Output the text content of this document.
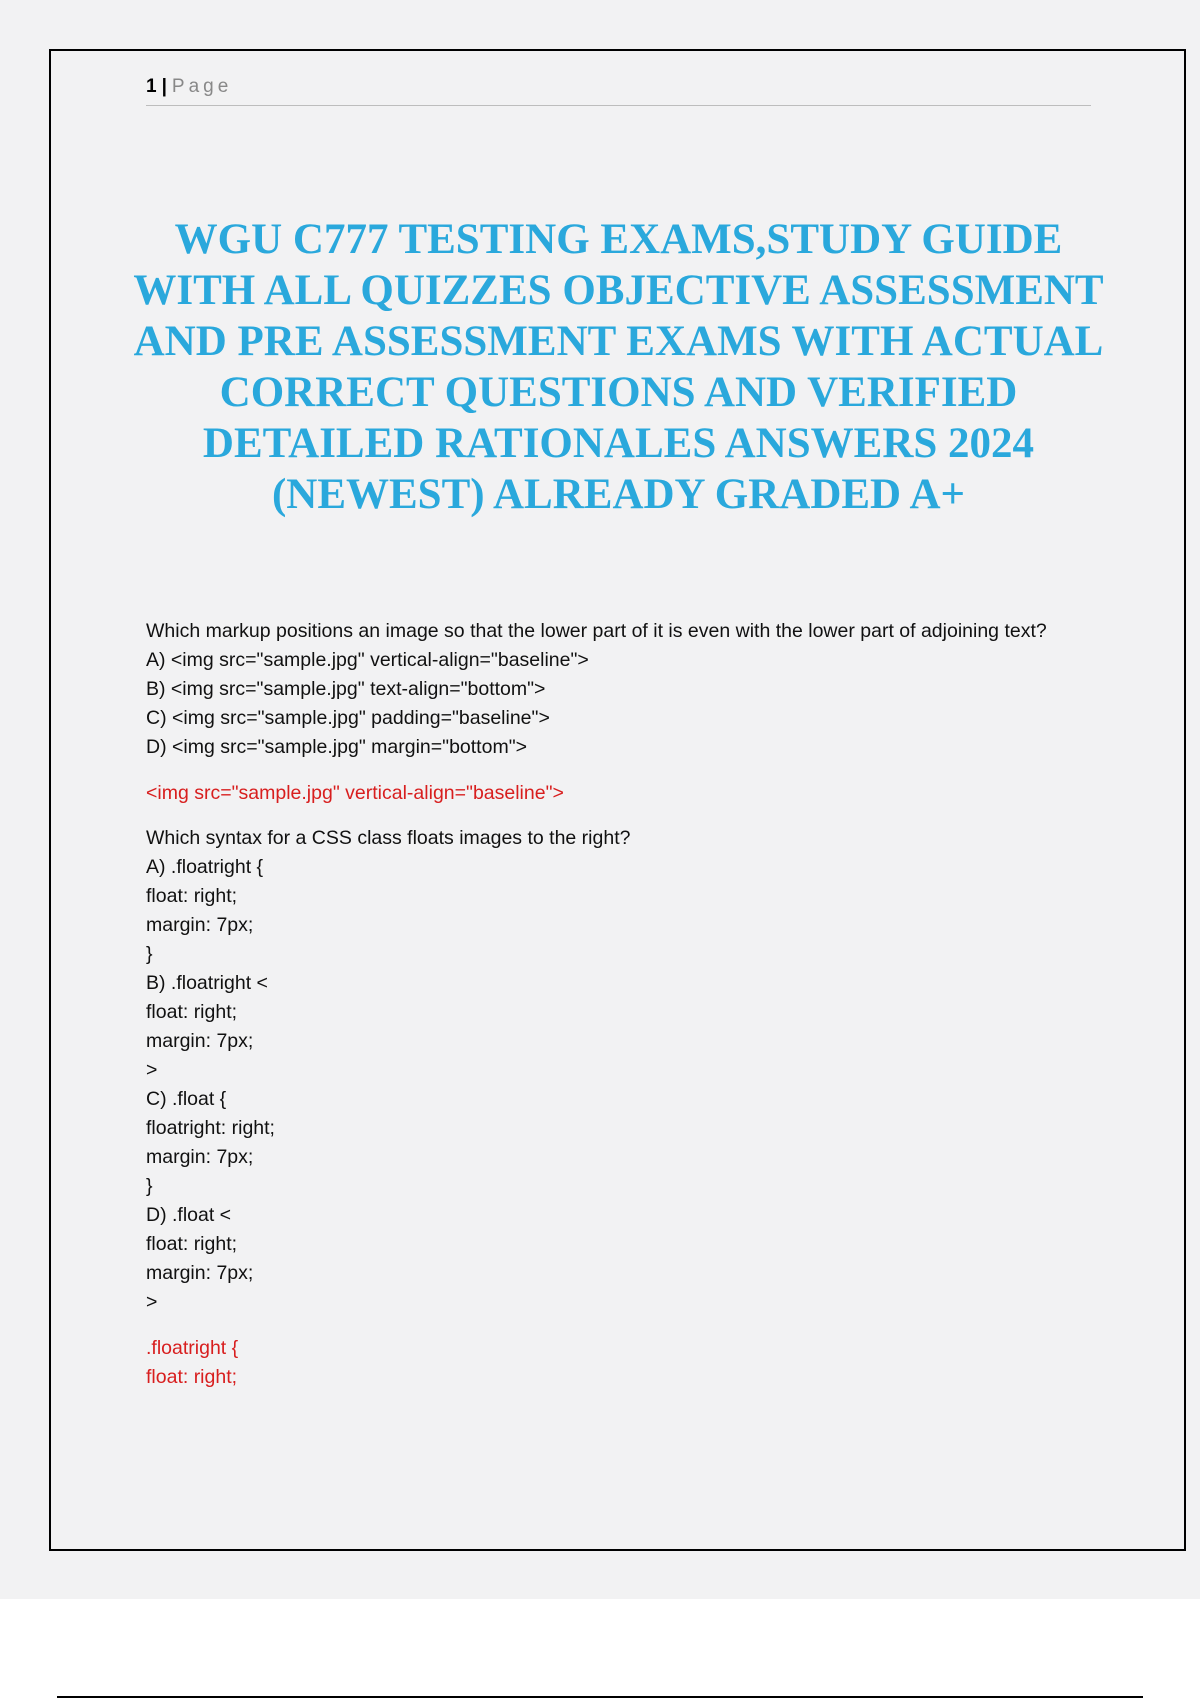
1 | Page
WGU C777 TESTING EXAMS,STUDY GUIDE WITH ALL QUIZZES OBJECTIVE ASSESSMENT AND PRE ASSESSMENT EXAMS WITH ACTUAL CORRECT QUESTIONS AND VERIFIED DETAILED RATIONALES ANSWERS 2024 (NEWEST) ALREADY GRADED A+

Which markup positions an image so that the lower part of it is even with the lower part of adjoining text?

A) <img src="sample.jpg" vertical-align="baseline">

B) <img src="sample.jpg" text-align="bottom">

C) <img src="sample.jpg" padding="baseline">

D) <img src="sample.jpg" margin="bottom">

<img src="sample.jpg" vertical-align="baseline">

Which syntax for a CSS class floats images to the right?

A) .floatright {

float: right;

margin: 7px;

}

B) .floatright <

float: right;

margin: 7px;

>

C) .float {

floatright: right;

margin: 7px;

}

D) .float <

float: right;

margin: 7px;

>

.floatright {

float: right;
